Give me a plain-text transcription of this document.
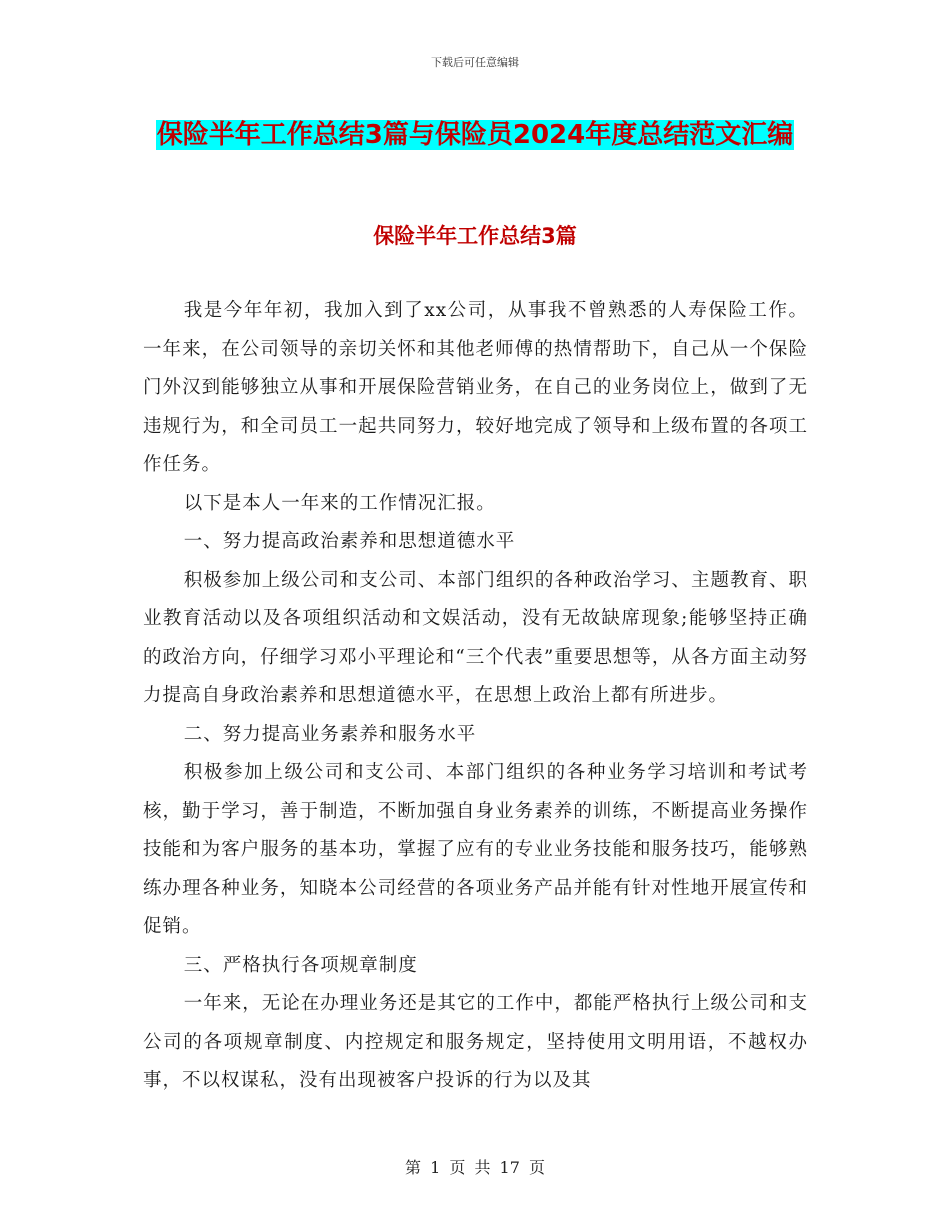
下载后可任意编辑
保险半年工作总结3篇与保险员2024年度总结范文汇编
保险半年工作总结3篇

我是今年年初，我加入到了xx公司，从事我不曾熟悉的人寿保险工作。一年来，在公司领导的亲切关怀和其他老师傅的热情帮助下，自己从一个保险门外汉到能够独立从事和开展保险营销业务，在自己的业务岗位上，做到了无违规行为，和全司员工一起共同努力，较好地完成了领导和上级布置的各项工作任务。

以下是本人一年来的工作情况汇报。

一、努力提高政治素养和思想道德水平

积极参加上级公司和支公司、本部门组织的各种政治学习、主题教育、职业教育活动以及各项组织活动和文娱活动，没有无故缺席现象;能够坚持正确的政治方向，仔细学习邓小平理论和“三个代表”重要思想等，从各方面主动努力提高自身政治素养和思想道德水平，在思想上政治上都有所进步。

二、努力提高业务素养和服务水平

积极参加上级公司和支公司、本部门组织的各种业务学习培训和考试考核，勤于学习，善于制造，不断加强自身业务素养的训练，不断提高业务操作技能和为客户服务的基本功，掌握了应有的专业业务技能和服务技巧，能够熟练办理各种业务，知晓本公司经营的各项业务产品并能有针对性地开展宣传和促销。

三、严格执行各项规章制度

一年来，无论在办理业务还是其它的工作中，都能严格执行上级公司和支公司的各项规章制度、内控规定和服务规定，坚持使用文明用语，不越权办事，不以权谋私，没有出现被客户投诉的行为以及其

第 1 页 共 17 页
